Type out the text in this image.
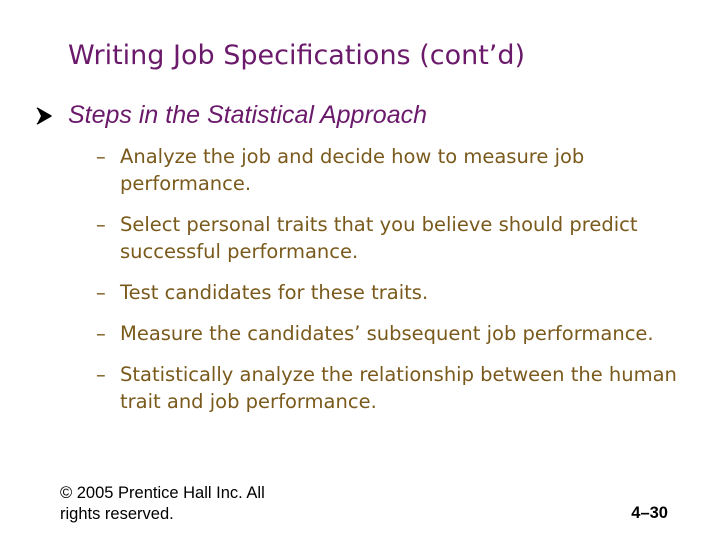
Writing Job Specifications (cont’d)
Steps in the Statistical Approach
– Analyze the job and decide how to measure job performance.
– Select personal traits that you believe should predict successful performance.
– Test candidates for these traits.
– Measure the candidates’ subsequent job performance.
– Statistically analyze the relationship between the human trait and job performance.
© 2005 Prentice Hall Inc. All
rights reserved.	4–30
